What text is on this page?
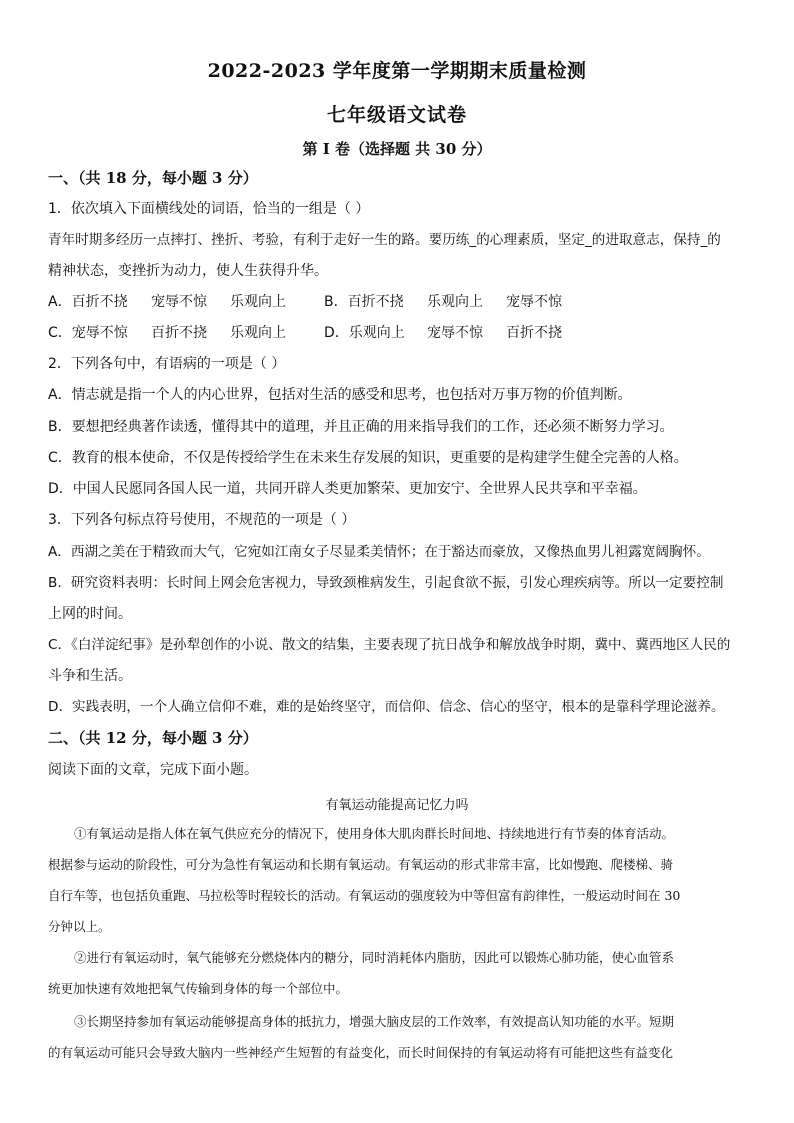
2022-2023 学年度第一学期期末质量检测
七年级语文试卷
第 I 卷（选择题 共 30 分）
一、（共 18 分，每小题 3 分）
1．依次填入下面横线处的词语，恰当的一组是（ ）
青年时期多经历一点摔打、挫折、考验，有利于走好一生的路。要历练_的心理素质，坚定_的进取意志，保持_的
精神状态，变挫折为动力，使人生获得升华。
A．百折不挠 宠辱不惊 乐观向上	B．百折不挠 乐观向上 宠辱不惊
C．宠辱不惊 百折不挠 乐观向上	D．乐观向上 宠辱不惊 百折不挠
2．下列各句中，有语病的一项是（ ）
A．情志就是指一个人的内心世界，包括对生活的感受和思考，也包括对万事万物的价值判断。
B．要想把经典著作读透，懂得其中的道理，并且正确的用来指导我们的工作，还必须不断努力学习。
C．教育的根本使命，不仅是传授给学生在未来生存发展的知识，更重要的是构建学生健全完善的人格。
D．中国人民愿同各国人民一道，共同开辟人类更加繁荣、更加安宁、全世界人民共享和平幸福。
3．下列各句标点符号使用，不规范的一项是（ ）
A．西湖之美在于精致而大气，它宛如江南女子尽显柔美情怀；在于豁达而豪放，又像热血男儿袒露宽阔胸怀。
B．研究资料表明：长时间上网会危害视力，导致颈椎病发生，引起食欲不振，引发心理疾病等。所以一定要控制
上网的时间。
C．《白洋淀纪事》是孙犁创作的小说、散文的结集，主要表现了抗日战争和解放战争时期，冀中、冀西地区人民的
斗争和生活。
D．实践表明，一个人确立信仰不难，难的是始终坚守，而信仰、信念、信心的坚守，根本的是靠科学理论滋养。
二、（共 12 分，每小题 3 分）
阅读下面的文章，完成下面小题。
有氧运动能提高记忆力吗
①有氧运动是指人体在氧气供应充分的情况下，使用身体大肌肉群长时间地、持续地进行有节奏的体育活动。
根据参与运动的阶段性，可分为急性有氧运动和长期有氧运动。有氧运动的形式非常丰富，比如慢跑、爬楼梯、骑
自行车等，也包括负重跑、马拉松等时程较长的活动。有氧运动的强度较为中等但富有韵律性，一般运动时间在 30
分钟以上。
②进行有氧运动时，氧气能够充分燃烧体内的糖分，同时消耗体内脂肪，因此可以锻炼心肺功能，使心血管系
统更加快速有效地把氧气传输到身体的每一个部位中。
③长期坚持参加有氧运动能够提高身体的抵抗力，增强大脑皮层的工作效率，有效提高认知功能的水平。短期
的有氧运动可能只会导致大脑内一些神经产生短暂的有益变化，而长时间保持的有氧运动将有可能把这些有益变化
